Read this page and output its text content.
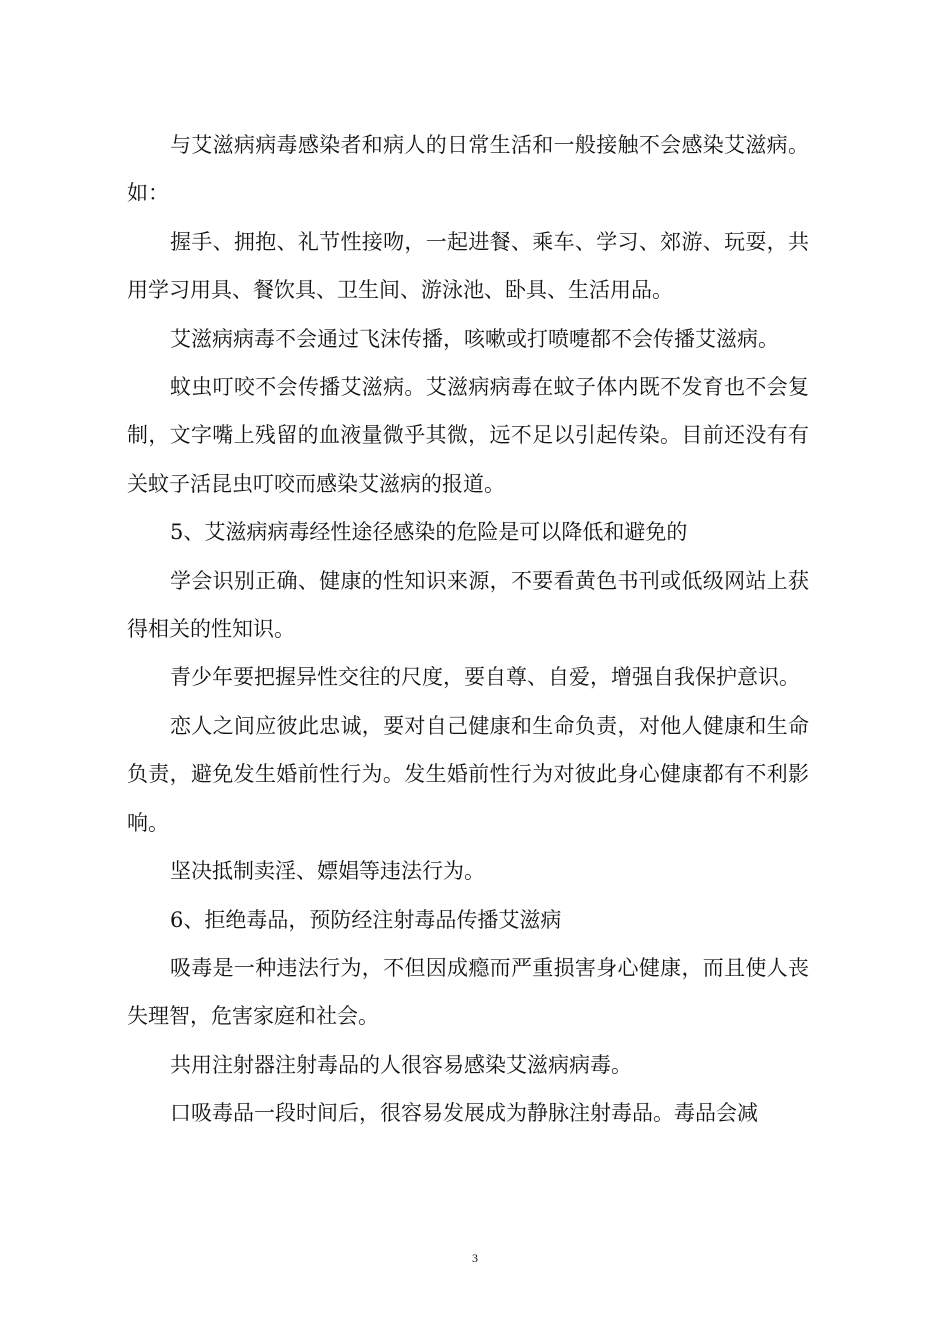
与艾滋病病毒感染者和病人的日常生活和一般接触不会感染艾滋病。如：

握手、拥抱、礼节性接吻，一起进餐、乘车、学习、郊游、玩耍，共用学习用具、餐饮具、卫生间、游泳池、卧具、生活用品。

艾滋病病毒不会通过飞沫传播，咳嗽或打喷嚏都不会传播艾滋病。

蚊虫叮咬不会传播艾滋病。艾滋病病毒在蚊子体内既不发育也不会复制，文字嘴上残留的血液量微乎其微，远不足以引起传染。目前还没有有关蚊子活昆虫叮咬而感染艾滋病的报道。

5、艾滋病病毒经性途径感染的危险是可以降低和避免的

学会识别正确、健康的性知识来源，不要看黄色书刊或低级网站上获得相关的性知识。

青少年要把握异性交往的尺度，要自尊、自爱，增强自我保护意识。

恋人之间应彼此忠诚，要对自己健康和生命负责，对他人健康和生命负责，避免发生婚前性行为。发生婚前性行为对彼此身心健康都有不利影响。

坚决抵制卖淫、嫖娼等违法行为。

6、拒绝毒品，预防经注射毒品传播艾滋病

吸毒是一种违法行为，不但因成瘾而严重损害身心健康，而且使人丧失理智，危害家庭和社会。

共用注射器注射毒品的人很容易感染艾滋病病毒。

口吸毒品一段时间后，很容易发展成为静脉注射毒品。毒品会减

3
